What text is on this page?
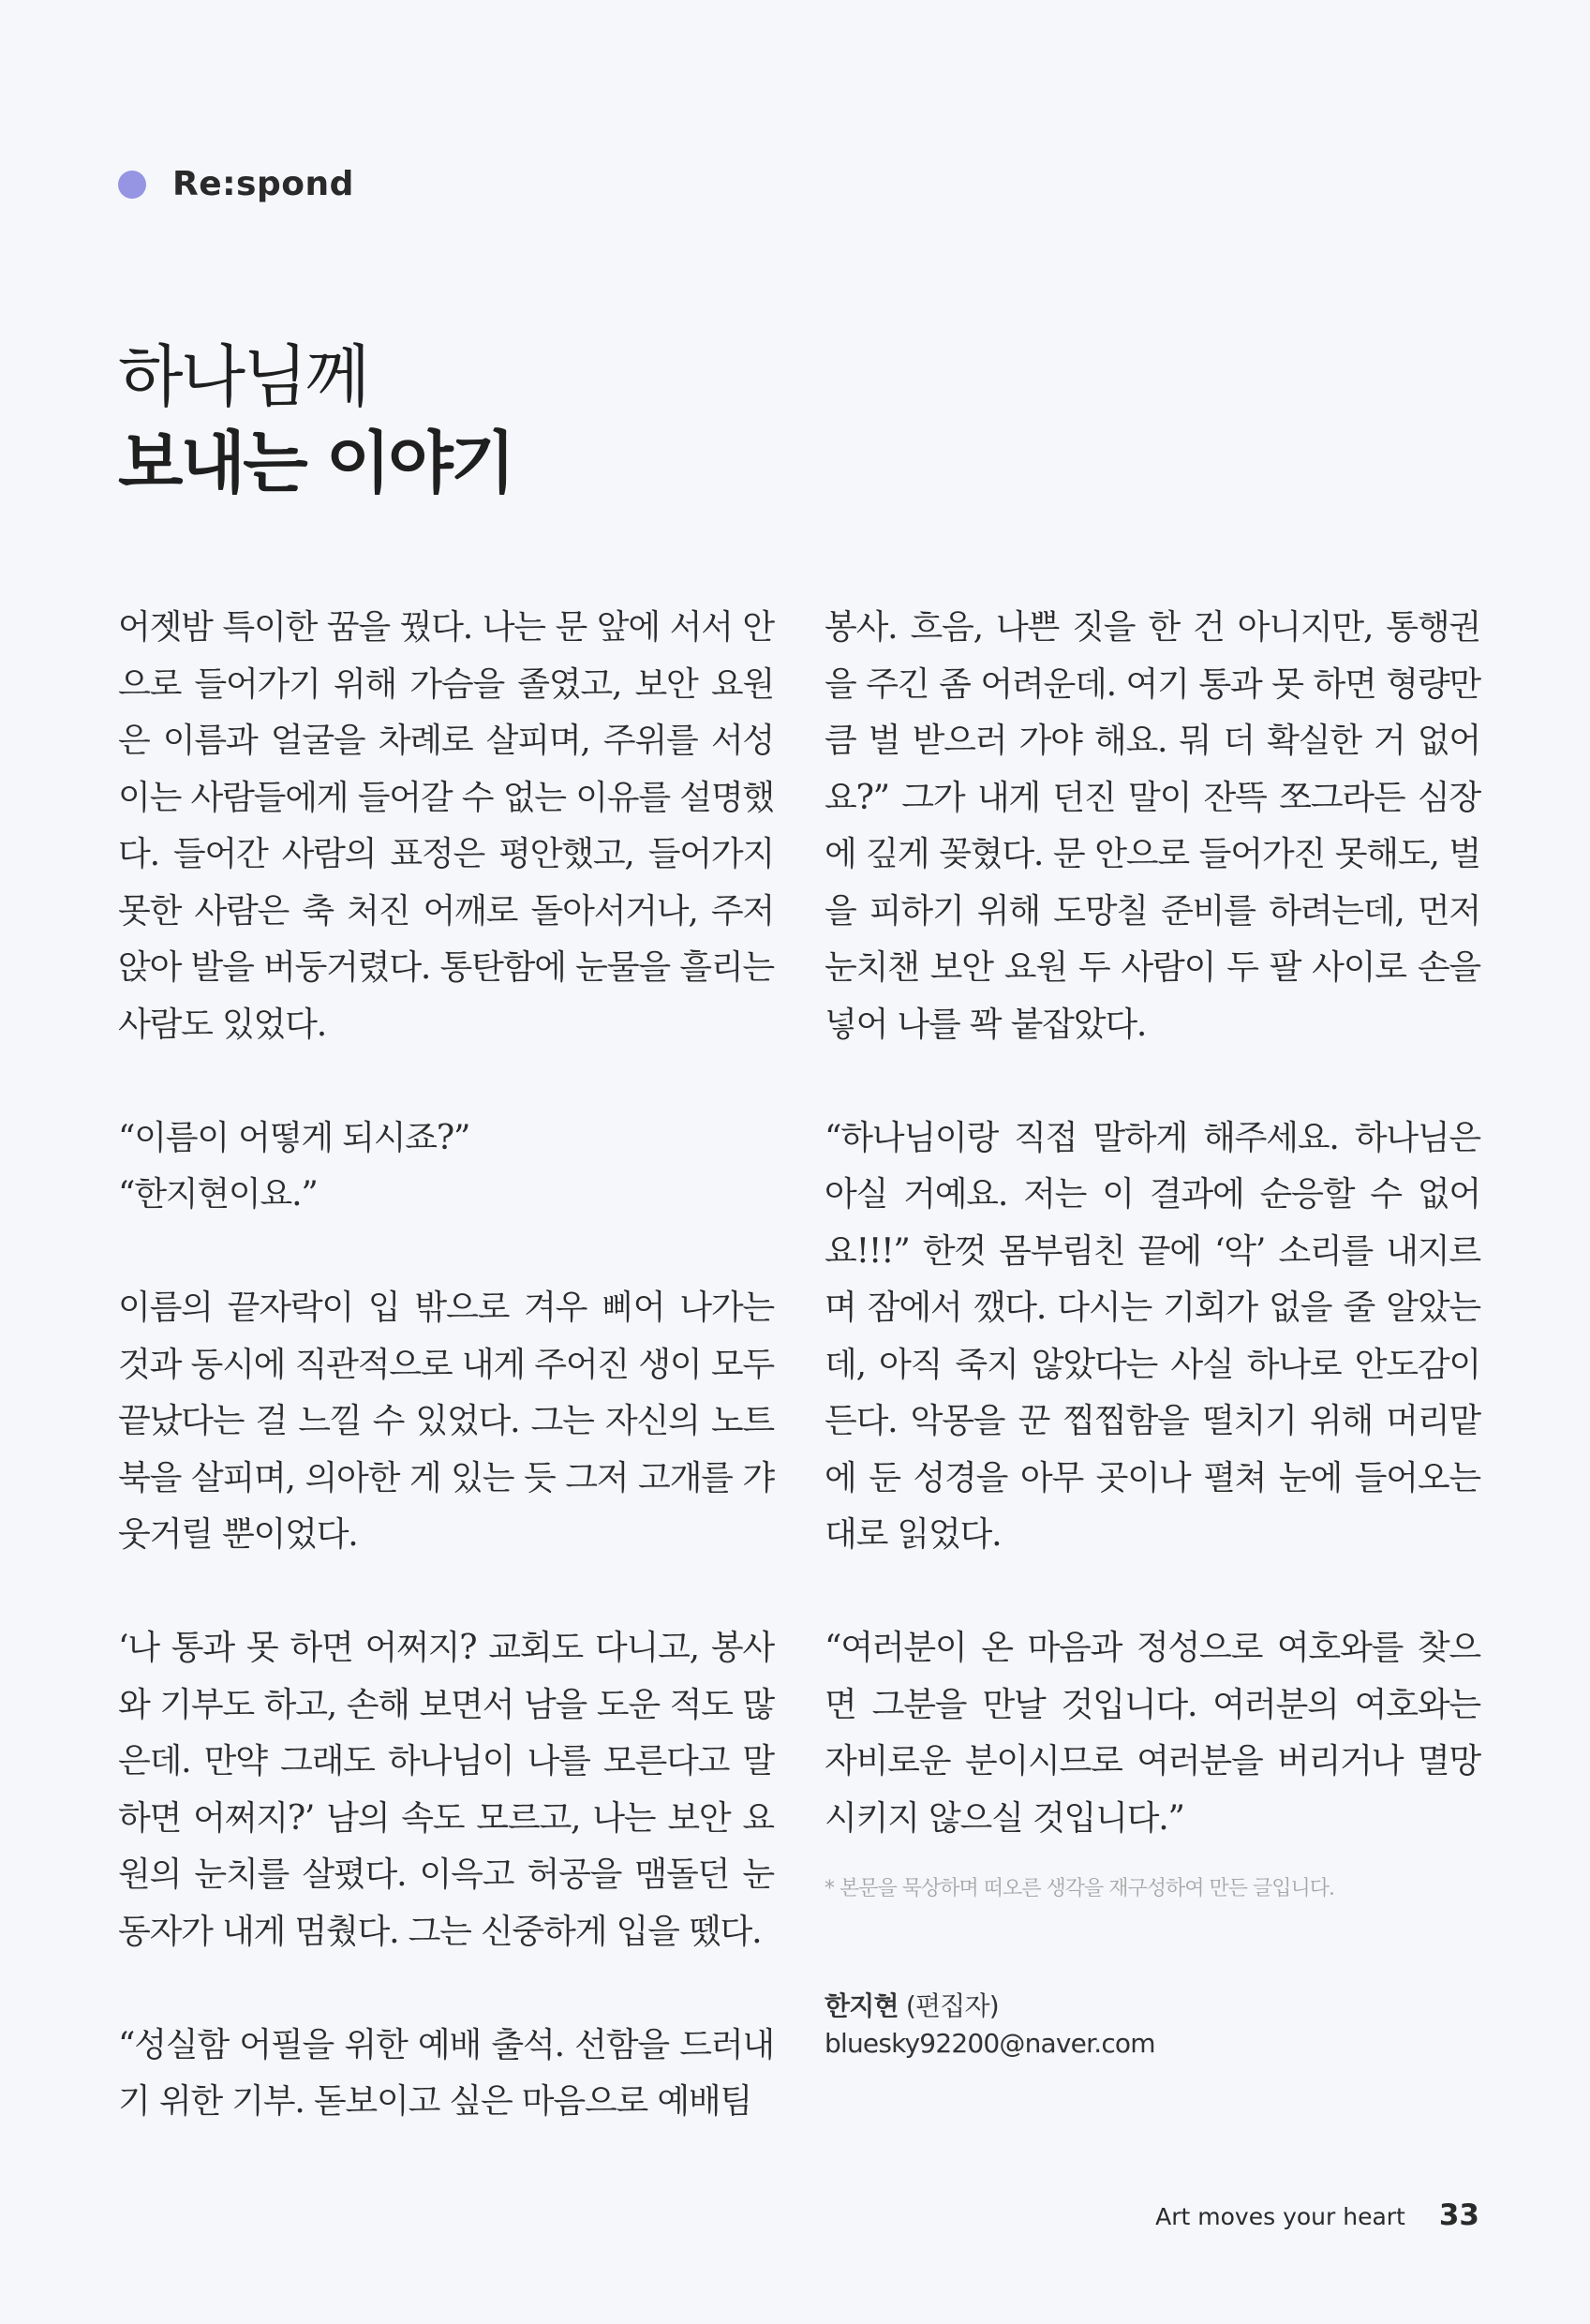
Re:spond
하나님께
보내는 이야기

어젯밤 특이한 꿈을 꿨다. 나는 문 앞에 서서 안으로 들어가기 위해 가슴을 졸였고, 보안 요원은 이름과 얼굴을 차례로 살피며, 주위를 서성이는 사람들에게 들어갈 수 없는 이유를 설명했다. 들어간 사람의 표정은 평안했고, 들어가지 못한 사람은 축 처진 어깨로 돌아서거나, 주저앉아 발을 버둥거렸다. 통탄함에 눈물을 흘리는 사람도 있었다.

“이름이 어떻게 되시죠?”

“한지현이요.”

이름의 끝자락이 입 밖으로 겨우 삐어 나가는 것과 동시에 직관적으로 내게 주어진 생이 모두 끝났다는 걸 느낄 수 있었다. 그는 자신의 노트북을 살피며, 의아한 게 있는 듯 그저 고개를 갸웃거릴 뿐이었다.

‘나 통과 못 하면 어쩌지? 교회도 다니고, 봉사와 기부도 하고, 손해 보면서 남을 도운 적도 많은데. 만약 그래도 하나님이 나를 모른다고 말하면 어쩌지?’ 남의 속도 모르고, 나는 보안 요원의 눈치를 살폈다. 이윽고 허공을 맴돌던 눈동자가 내게 멈췄다. 그는 신중하게 입을 뗐다.

“성실함 어필을 위한 예배 출석. 선함을 드러내기 위한 기부. 돋보이고 싶은 마음으로 예배팀

봉사. 흐음, 나쁜 짓을 한 건 아니지만, 통행권을 주긴 좀 어려운데. 여기 통과 못 하면 형량만큼 벌 받으러 가야 해요. 뭐 더 확실한 거 없어요?” 그가 내게 던진 말이 잔뜩 쪼그라든 심장에 깊게 꽂혔다. 문 안으로 들어가진 못해도, 벌을 피하기 위해 도망칠 준비를 하려는데, 먼저 눈치챈 보안 요원 두 사람이 두 팔 사이로 손을 넣어 나를 꽉 붙잡았다.

“하나님이랑 직접 말하게 해주세요. 하나님은 아실 거예요. 저는 이 결과에 순응할 수 없어요!!!” 한껏 몸부림친 끝에 ‘악’ 소리를 내지르며 잠에서 깼다. 다시는 기회가 없을 줄 알았는데, 아직 죽지 않았다는 사실 하나로 안도감이 든다. 악몽을 꾼 찝찝함을 떨치기 위해 머리맡에 둔 성경을 아무 곳이나 펼쳐 눈에 들어오는 대로 읽었다.

“여러분이 온 마음과 정성으로 여호와를 찾으면 그분을 만날 것입니다. 여러분의 여호와는 자비로운 분이시므로 여러분을 버리거나 멸망시키지 않으실 것입니다.”

* 본문을 묵상하며 떠오른 생각을 재구성하여 만든 글입니다.
한지현 (편집자)
bluesky92200@naver.com
Art moves your heart 33
